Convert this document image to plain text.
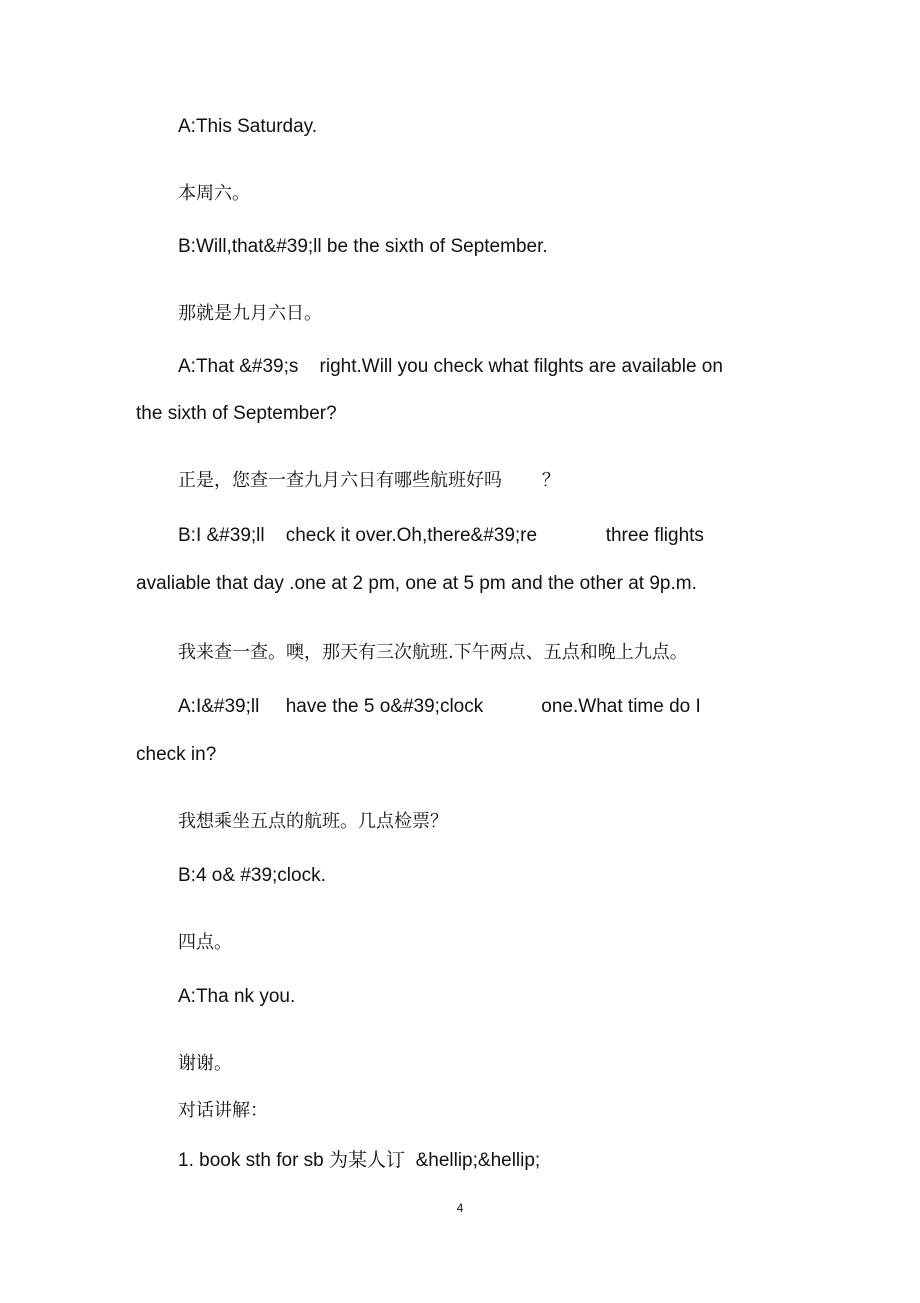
A:This Saturday.
本周六。
B:Will,that&#39;ll be the sixth of September.
那就是九月六日。
A:That &#39;s    right.Will you check what filghts are available on
the sixth of September?
正是，您查一查九月六日有哪些航班好吗       ？
B:I &#39;ll    check it over.Oh,there&#39;re             three flights
avaliable that day .one at 2 pm, one at 5 pm and the other at 9p.m.
我来查一查。噢，那天有三次航班.下午两点、五点和晚上九点。
A:I&#39;ll     have the 5 o&#39;clock           one.What time do I
check in?
我想乘坐五点的航班。几点检票？
B:4 o& #39;clock.
四点。
A:Tha nk you.
谢谢。
对话讲解：
1. book sth for sb 为某人订  &hellip;&hellip;
4
